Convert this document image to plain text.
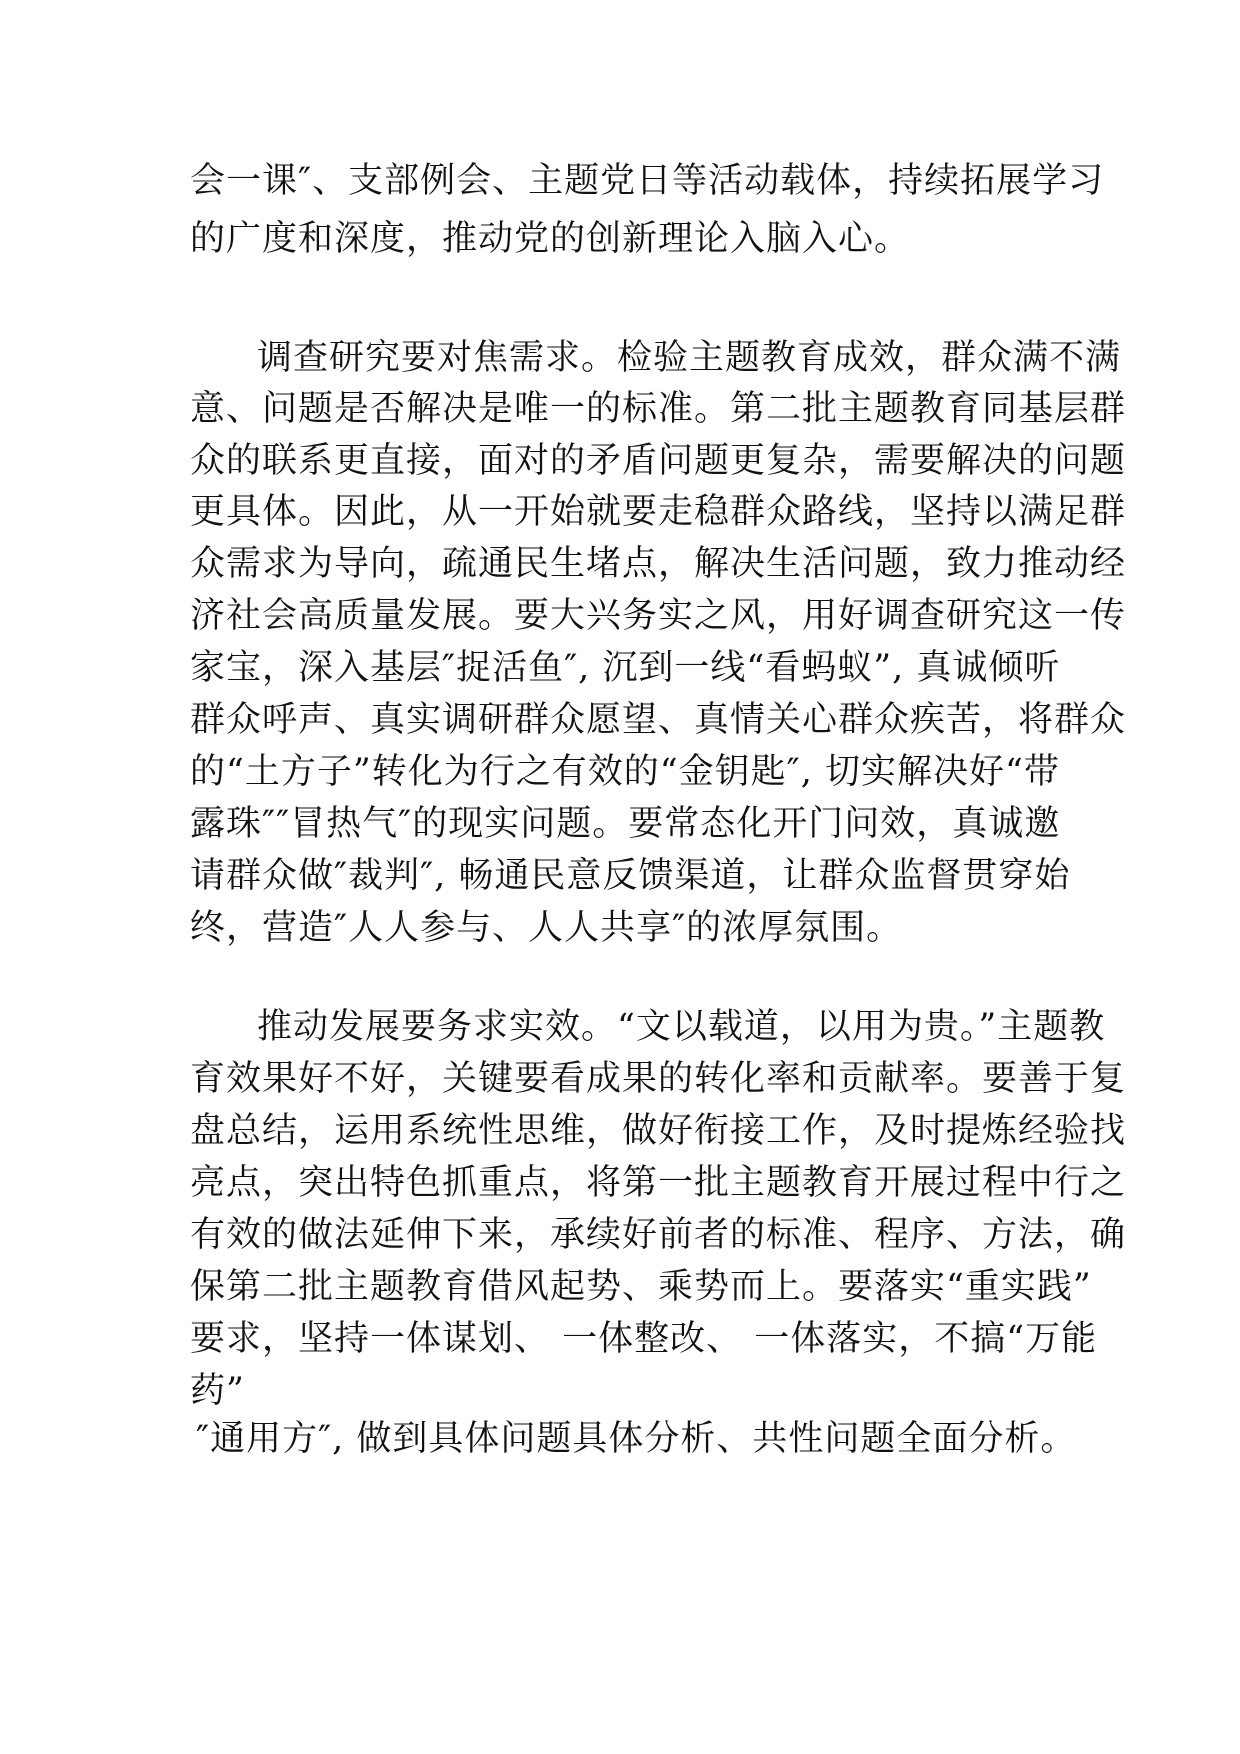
会一课″、支部例会、主题党日等活动载体，持续拓展学习
的广度和深度，推动党的创新理论入脑入心。
调查研究要对焦需求。检验主题教育成效，群众满不满
意、问题是否解决是唯一的标准。第二批主题教育同基层群
众的联系更直接，面对的矛盾问题更复杂，需要解决的问题
更具体。因此，从一开始就要走稳群众路线，坚持以满足群
众需求为导向，疏通民生堵点，解决生活问题，致力推动经
济社会高质量发展。要大兴务实之风，用好调查研究这一传
家宝，深入基层″捉活鱼″, 沉到一线“看蚂蚁”, 真诚倾听
群众呼声、真实调研群众愿望、真情关心群众疾苦，将群众
的“土方子”转化为行之有效的“金钥匙″, 切实解决好“带
露珠″″冒热气″的现实问题。要常态化开门问效，真诚邀
请群众做″裁判″, 畅通民意反馈渠道，让群众监督贯穿始
终，营造″人人参与、人人共享″的浓厚氛围。
推动发展要务求实效。“文以载道，以用为贵。”主题教
育效果好不好，关键要看成果的转化率和贡献率。要善于复
盘总结，运用系统性思维，做好衔接工作，及时提炼经验找
亮点，突出特色抓重点，将第一批主题教育开展过程中行之
有效的做法延伸下来，承续好前者的标准、程序、方法，确
保第二批主题教育借风起势、乘势而上。要落实“重实践”
要求，坚持一体谋划、 一体整改、 一体落实，不搞“万能
药”
″通用方″, 做到具体问题具体分析、共性问题全面分析。
